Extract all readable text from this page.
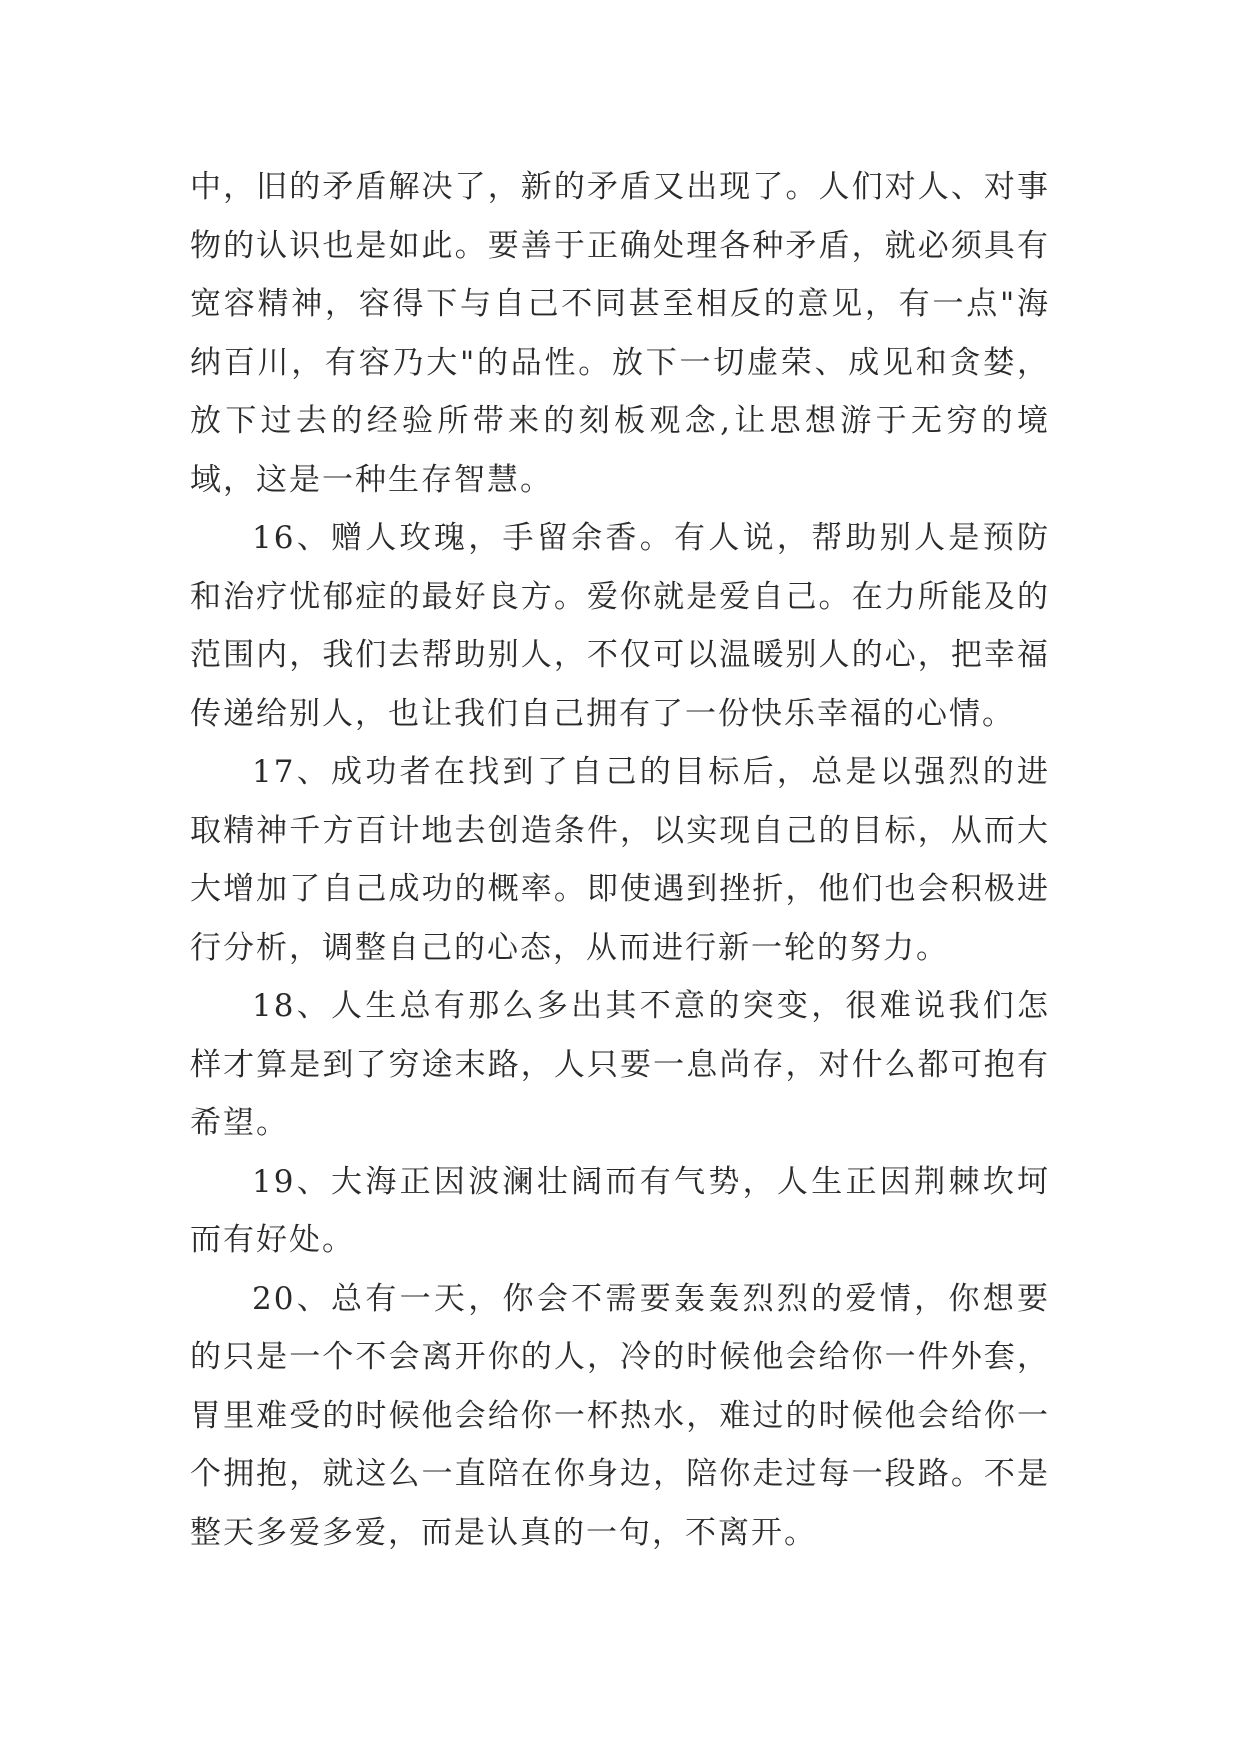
中，旧的矛盾解决了，新的矛盾又出现了。人们对人、对事物的认识也是如此。要善于正确处理各种矛盾，就必须具有宽容精神，容得下与自己不同甚至相反的意见，有一点"海纳百川，有容乃大"的品性。放下一切虚荣、成见和贪婪，放下过去的经验所带来的刻板观念,让思想游于无穷的境域，这是一种生存智慧。

16、赠人玫瑰，手留余香。有人说，帮助别人是预防和治疗忧郁症的最好良方。爱你就是爱自己。在力所能及的范围内，我们去帮助别人，不仅可以温暖别人的心，把幸福传递给别人，也让我们自己拥有了一份快乐幸福的心情。

17、成功者在找到了自己的目标后，总是以强烈的进取精神千方百计地去创造条件，以实现自己的目标，从而大大增加了自己成功的概率。即使遇到挫折，他们也会积极进行分析，调整自己的心态，从而进行新一轮的努力。

18、人生总有那么多出其不意的突变，很难说我们怎样才算是到了穷途末路，人只要一息尚存，对什么都可抱有希望。

19、大海正因波澜壮阔而有气势，人生正因荆棘坎坷而有好处。

20、总有一天，你会不需要轰轰烈烈的爱情，你想要的只是一个不会离开你的人，冷的时候他会给你一件外套，胃里难受的时候他会给你一杯热水，难过的时候他会给你一个拥抱，就这么一直陪在你身边，陪你走过每一段路。不是整天多爱多爱，而是认真的一句，不离开。
